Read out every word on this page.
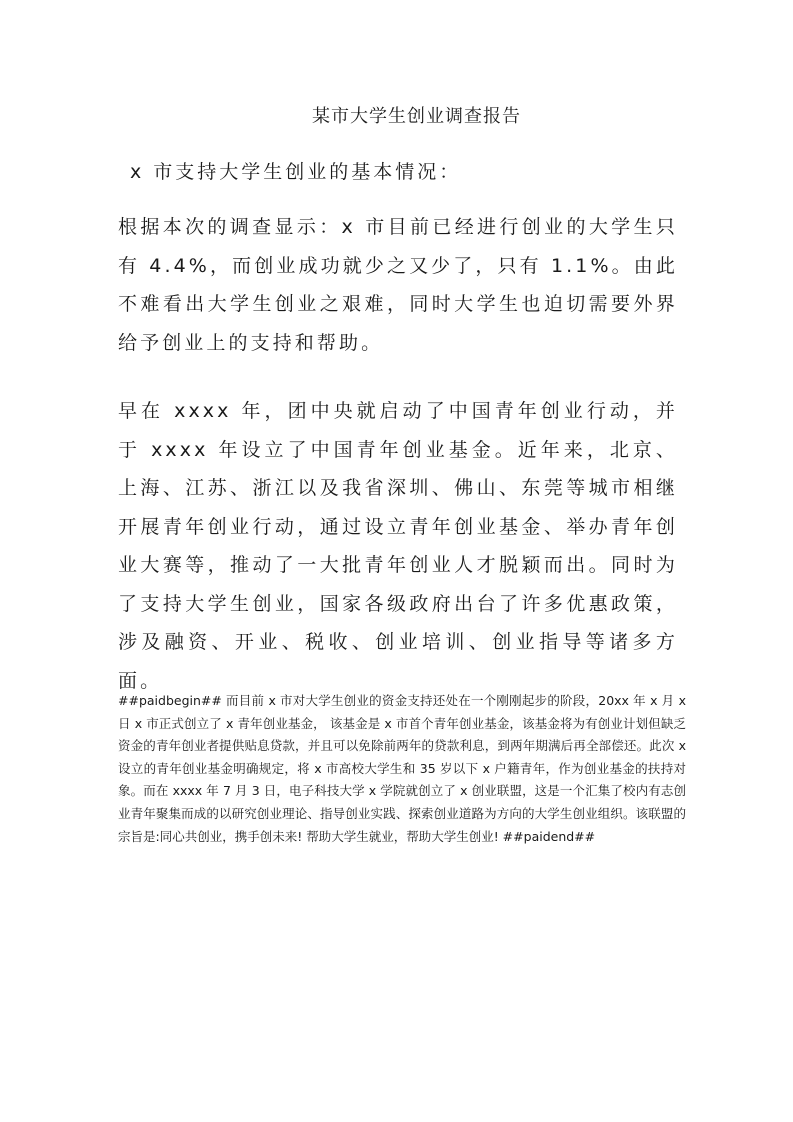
某市大学生创业调查报告
x 市支持大学生创业的基本情况：

根据本次的调查显示：x 市目前已经进行创业的大学生只有 4.4%，而创业成功就少之又少了，只有 1.1%。由此不难看出大学生创业之艰难，同时大学生也迫切需要外界给予创业上的支持和帮助。

早在 xxxx 年，团中央就启动了中国青年创业行动，并于 xxxx 年设立了中国青年创业基金。近年来，北京、上海、江苏、浙江以及我省深圳、佛山、东莞等城市相继开展青年创业行动，通过设立青年创业基金、举办青年创业大赛等，推动了一大批青年创业人才脱颖而出。同时为了支持大学生创业，国家各级政府出台了许多优惠政策，涉及融资、开业、税收、创业培训、创业指导等诸多方面。

##paidbegin## 而目前 x 市对大学生创业的资金支持还处在一个刚刚起步的阶段，20xx 年 x 月 x 日 x 市正式创立了 x 青年创业基金， 该基金是 x 市首个青年创业基金，该基金将为有创业计划但缺乏资金的青年创业者提供贴息贷款，并且可以免除前两年的贷款利息，到两年期满后再全部偿还。此次 x 设立的青年创业基金明确规定，将 x 市高校大学生和 35 岁以下 x 户籍青年，作为创业基金的扶持对象。而在 xxxx 年 7 月 3 日，电子科技大学 x 学院就创立了 x 创业联盟，这是一个汇集了校内有志创业青年聚集而成的以研究创业理论、指导创业实践、探索创业道路为方向的大学生创业组织。该联盟的宗旨是:同心共创业，携手创未来! 帮助大学生就业，帮助大学生创业! ##paidend##
